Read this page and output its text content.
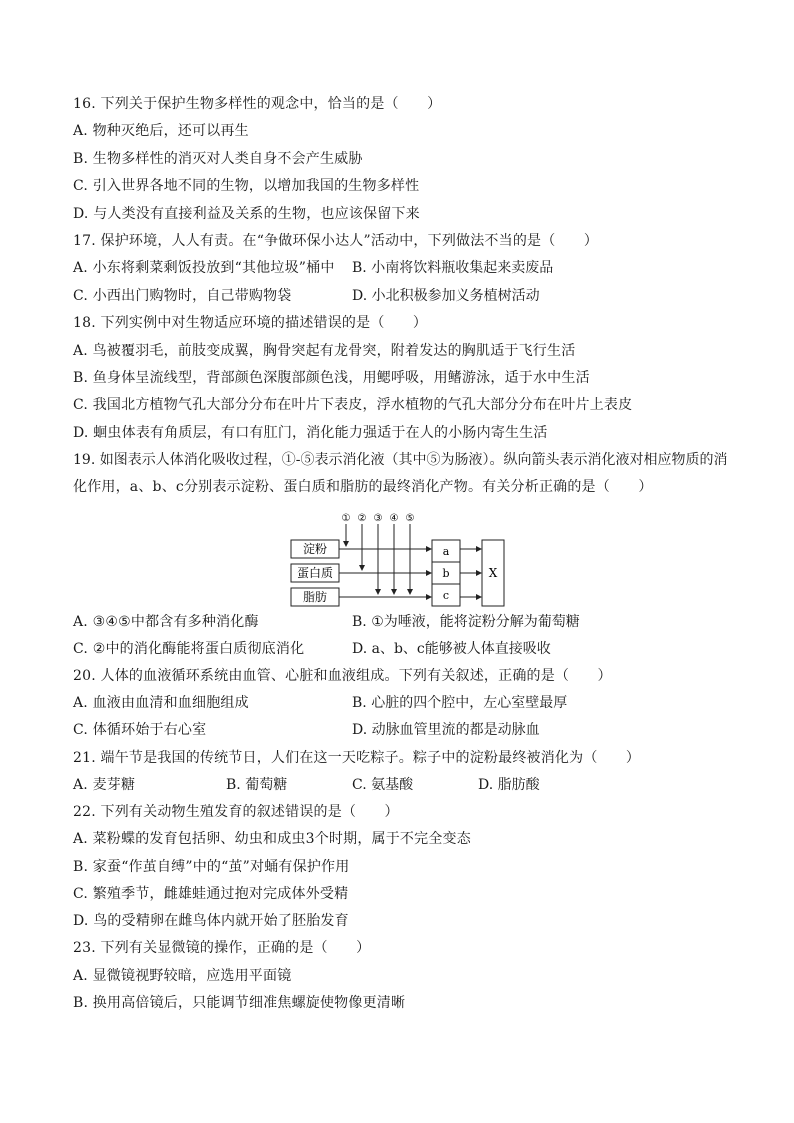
16. 下列关于保护生物多样性的观念中，恰当的是（　　）
A. 物种灭绝后，还可以再生
B. 生物多样性的消灭对人类自身不会产生威胁
C. 引入世界各地不同的生物，以增加我国的生物多样性
D. 与人类没有直接利益及关系的生物，也应该保留下来
17. 保护环境，人人有责。在“争做环保小达人”活动中，下列做法不当的是（　　）
A. 小东将剩菜剩饭投放到“其他垃圾”桶中 B. 小南将饮料瓶收集起来卖废品
C. 小西出门购物时，自己带购物袋	D. 小北积极参加义务植树活动
18. 下列实例中对生物适应环境的描述错误的是（　　）
A. 鸟被覆羽毛，前肢变成翼，胸骨突起有龙骨突，附着发达的胸肌适于飞行生活
B. 鱼身体呈流线型，背部颜色深腹部颜色浅，用鳃呼吸，用鳍游泳，适于水中生活
C. 我国北方植物气孔大部分分布在叶片下表皮，浮水植物的气孔大部分分布在叶片上表皮
D. 蛔虫体表有角质层，有口有肛门，消化能力强适于在人的小肠内寄生生活
19. 如图表示人体消化吸收过程，①-⑤表示消化液（其中⑤为肠液）。纵向箭头表示消化液对相应物质的消
化作用，a、b、c分别表示淀粉、蛋白质和脂肪的最终消化产物。有关分析正确的是（　　）
① ② ③ ④ ⑤
淀粉
蛋白质
脂肪
a
b
c
X
A. ③④⑤中都含有多种消化酶	B. ①为唾液，能将淀粉分解为葡萄糖
C. ②中的消化酶能将蛋白质彻底消化	D. a、b、c能够被人体直接吸收
20. 人体的血液循环系统由血管、心脏和血液组成。下列有关叙述，正确的是（　　）
A. 血液由血清和血细胞组成	B. 心脏的四个腔中，左心室壁最厚
C. 体循环始于右心室	D. 动脉血管里流的都是动脉血
21. 端午节是我国的传统节日，人们在这一天吃粽子。粽子中的淀粉最终被消化为（　　）
A. 麦芽糖	B. 葡萄糖	C. 氨基酸	D. 脂肪酸
22. 下列有关动物生殖发育的叙述错误的是（　　）
A. 菜粉蝶的发育包括卵、幼虫和成虫3个时期，属于不完全变态
B. 家蚕“作茧自缚”中的“茧”对蛹有保护作用
C. 繁殖季节，雌雄蛙通过抱对完成体外受精
D. 鸟的受精卵在雌鸟体内就开始了胚胎发育
23. 下列有关显微镜的操作，正确的是（　　）
A. 显微镜视野较暗，应选用平面镜
B. 换用高倍镜后，只能调节细准焦螺旋使物像更清晰
